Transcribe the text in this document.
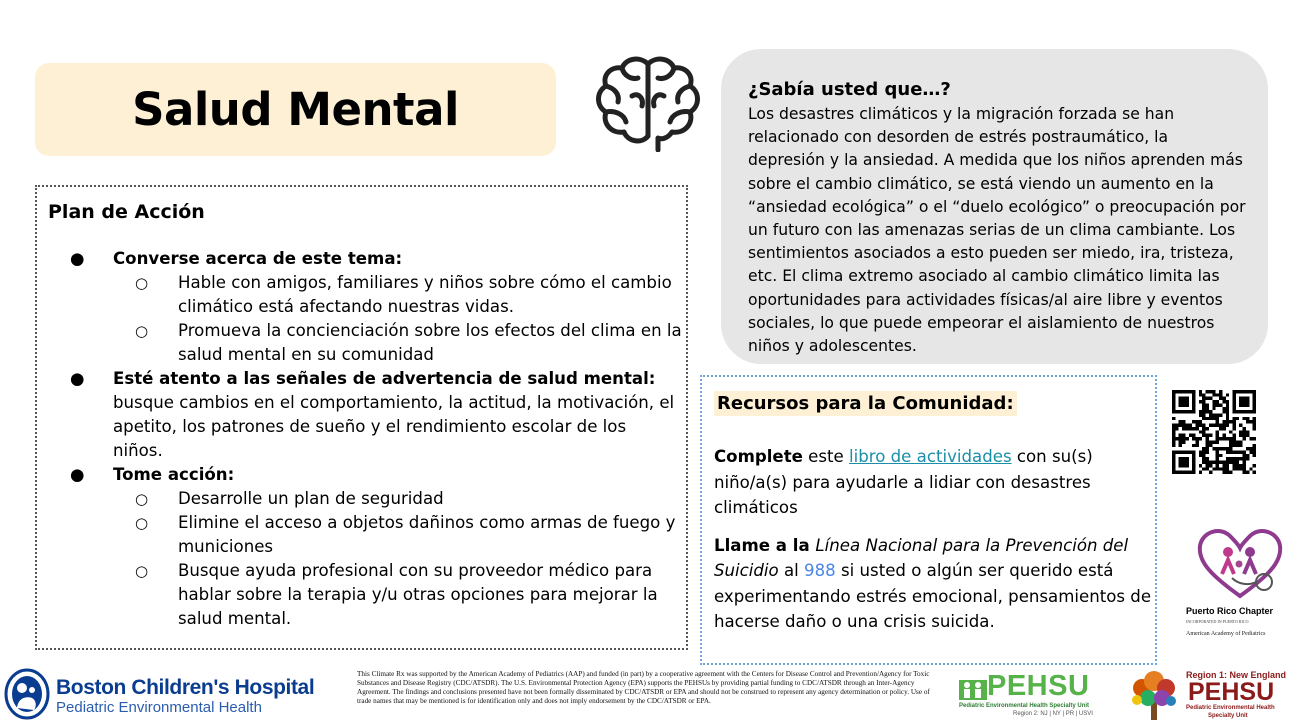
Salud Mental	¿Sabía usted que…?

Los desastres climáticos y la migración forzada se han relacionado con desorden de estrés postraumático, la depresión y la ansiedad. A medida que los niños aprenden más sobre el cambio climático, se está viendo un aumento en la “ansiedad ecológica” o el “duelo ecológico” o preocupación por un futuro con las amenazas serias de un clima cambiante. Los sentimientos asociados a esto pueden ser miedo, ira, tristeza, etc. El clima extremo asociado al cambio climático limita las oportunidades para actividades físicas/al aire libre y eventos sociales, lo que puede empeorar el aislamiento de nuestros niños y adolescentes.

Plan de Acción
● Converse acerca de este tema:
○ Hable con amigos, familiares y niños sobre cómo el cambio climático está afectando nuestras vidas.
○ Promueva la concienciación sobre los efectos del clima en la salud mental en su comunidad
● Esté atento a las señales de advertencia de salud mental: busque cambios en el comportamiento, la actitud, la motivación, el apetito, los patrones de sueño y el rendimiento escolar de los niños.
● Tome acción:
○ Desarrolle un plan de seguridad
○ Elimine el acceso a objetos dañinos como armas de fuego y municiones
○ Busque ayuda profesional con su proveedor médico para hablar sobre la terapia y/u otras opciones para mejorar la salud mental.
Recursos para la Comunidad:

Complete este libro de actividades con su(s) niño/a(s) para ayudarle a lidiar con desastres climáticos

Llame a la Línea Nacional para la Prevención del Suicidio al 988 si usted o algún ser querido está experimentando estrés emocional, pensamientos de hacerse daño o una crisis suicida.

Puerto Rico Chapter
INCORPORATED IN PUERTO RICO
American Academy of Pediatrics
Boston Children's Hospital
Pediatric Environmental Health
This Climate Rx was supported by the American Academy of Pediatrics (AAP) and funded (in part) by a cooperative agreement with the Centers for Disease Control and Prevention/Agency for Toxic Substances and Disease Registry (CDC/ATSDR). The U.S. Environmental Protection Agency (EPA) supports the PEHSUs by providing partial funding to CDC/ATSDR through an Inter-Agency Agreement. The findings and conclusions presented have not been formally disseminated by CDC/ATSDR or EPA and should not be construed to represent any agency determination or policy. Use of trade names that may be mentioned is for identification only and does not imply endorsement by the CDC/ATSDR or EPA.	PEHSU
Pediatric Environmental Health Specialty Unit
Region 2: NJ | NY | PR | USVI
Region 1: New England
PEHSU
Pediatric Environmental Health
Specialty Unit
